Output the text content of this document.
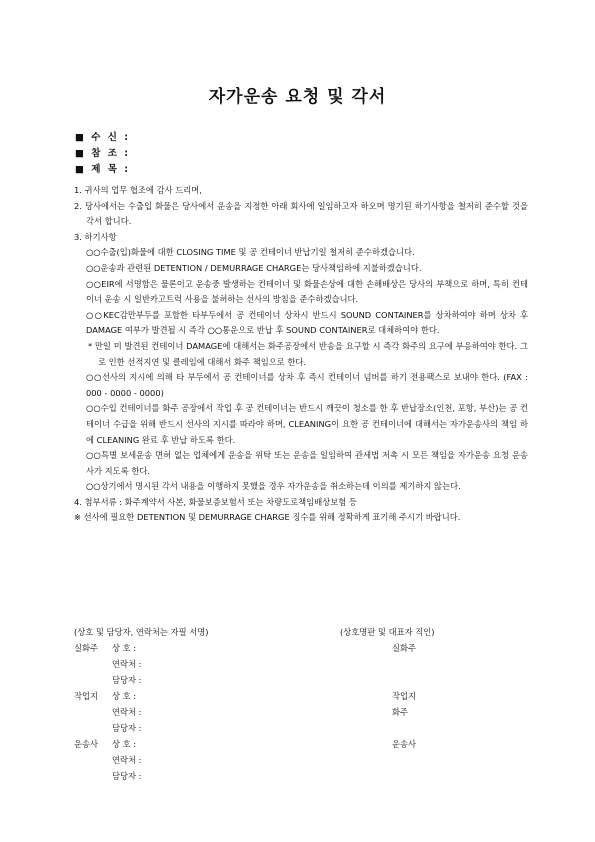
자가운송 요청 및 각서
■ 수 신 :
■ 참 조 :
■ 제 목 :

1. 귀사의 업무 협조에 감사 드리며,

2. 당사에서는 수출입 화물은 당사에서 운송을 지정한 아래 회사에 일임하고자 하오며 명기된 하기사항을 철저히 준수할 것을 각서 합니다.

3. 하기사항

○○수출(입)화물에 대한 CLOSING TIME 및 공 컨테이너 반납기일 철저히 준수하겠습니다.

○○운송과 관련된 DETENTION / DEMURRAGE CHARGE는 당사책임하에 지불하겠습니다.

○○EIR에 서명함은 물론이고 운송중 발생하는 컨테이너 및 화물손상에 대한 손해배상은 당사의 부책으로 하며, 특히 컨테이너 운송 시 일반카고트럭 사용을 불허하는 선사의 방침을 준수하겠습니다.

○○KEC감만부두를 포함한 타부두에서 공 컨테이너 상차시 반드시 SOUND CONTAINER를 상차하여야 하며 상차 후 DAMAGE 여부가 발견될 시 즉각 ○○통운으로 반납 후 SOUND CONTAINER로 대체하여야 한다.

* 만일 미 발견된 컨테이너 DAMAGE에 대해서는 화주공장에서 반송을 요구할 시 즉각 화주의 요구에 부응하여야 한다. 그로 인한 선적지연 및 클레임에 대해서 화주 책임으로 한다.

○○선사의 지시에 의해 타 부두에서 공 컨테이너를 상차 후 즉시 컨테이너 넘버를 하기 전용팩스로 보내야 한다. (FAX : 000 - 0000 - 0000)

○○수입 컨테이너를 화주 공장에서 작업 후 공 컨테이너는 반드시 깨끗이 청소를 한 후 반납장소(인천, 포항, 부산)는 공 컨테이너 수급을 위해 반드시 선사의 지시를 따라야 하며, CLEANING이 요한 공 컨테이너에 대해서는 자가운송사의 책임 하에 CLEANING 완료 후 반납 하도록 한다.

○○특별 보세운송 면허 없는 업체에게 운송을 위탁 또는 운송을 일임하여 관세법 저촉 시 모든 책임을 자가운송 요청 운송사가 지도록 한다.

○○상기에서 명시된 각서 내용을 이행하지 못했을 경우 자가운송을 취소하는데 이의를 제기하지 않는다.

4. 첨부서류 : 화주계약서 사본, 화물보증보험서 또는 차량도로책임배상보험 등

※ 선사에 필요한 DETENTION 및 DEMURRAGE CHARGE 징수를 위해 정확하게 표기해 주시기 바랍니다.

(상호 및 담당자, 연락처는 자필 서명)	(상호명판 및 대표자 직인)
실화주 상 호 :
연락처 :
담당자 :
실화주
작업지 상 호 :
연락처 :
담당자 :
작업지
화주
운송사 상 호 :
연락처 :
담당자 :
운송사
